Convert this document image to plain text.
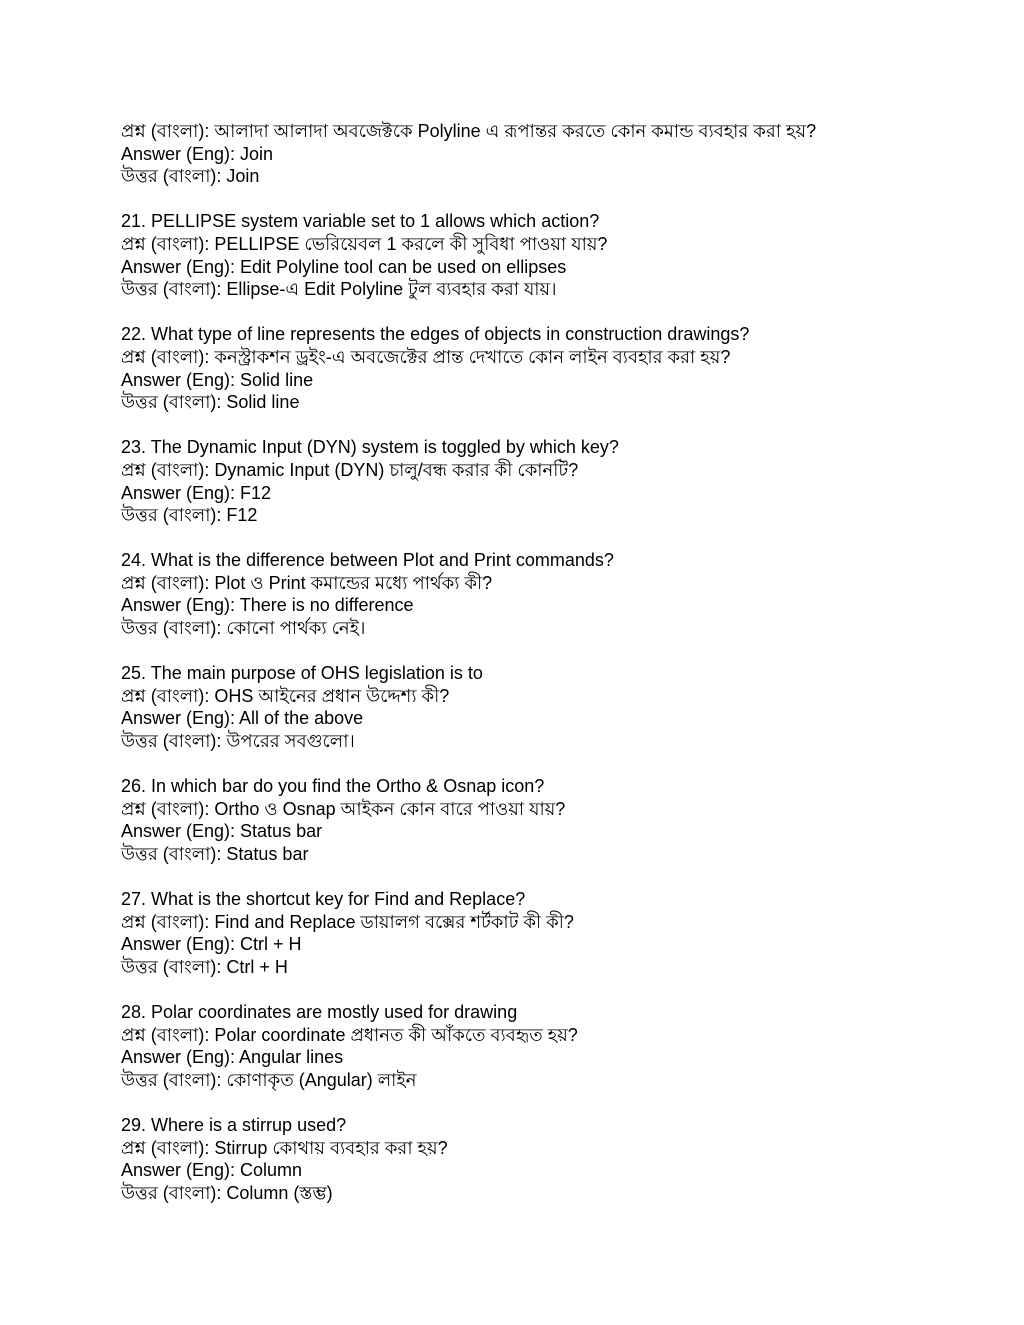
প্রশ্ন (বাংলা): আলাদা আলাদা অবজেক্টকে Polyline এ রূপান্তর করতে কোন কমান্ড ব্যবহার করা হয়?
Answer (Eng): Join
উত্তর (বাংলা): Join
21. PELLIPSE system variable set to 1 allows which action?
প্রশ্ন (বাংলা): PELLIPSE ভেরিয়েবল 1 করলে কী সুবিধা পাওয়া যায়?
Answer (Eng): Edit Polyline tool can be used on ellipses
উত্তর (বাংলা): Ellipse-এ Edit Polyline টুল ব্যবহার করা যায়।
22. What type of line represents the edges of objects in construction drawings?
প্রশ্ন (বাংলা): কনস্ট্রাকশন ড্রইং-এ অবজেক্টের প্রান্ত দেখাতে কোন লাইন ব্যবহার করা হয়?
Answer (Eng): Solid line
উত্তর (বাংলা): Solid line
23. The Dynamic Input (DYN) system is toggled by which key?
প্রশ্ন (বাংলা): Dynamic Input (DYN) চালু/বন্ধ করার কী কোনটি?
Answer (Eng): F12
উত্তর (বাংলা): F12
24. What is the difference between Plot and Print commands?
প্রশ্ন (বাংলা): Plot ও Print কমান্ডের মধ্যে পার্থক্য কী?
Answer (Eng): There is no difference
উত্তর (বাংলা): কোনো পার্থক্য নেই।
25. The main purpose of OHS legislation is to
প্রশ্ন (বাংলা): OHS আইনের প্রধান উদ্দেশ্য কী?
Answer (Eng): All of the above
উত্তর (বাংলা): উপরের সবগুলো।
26. In which bar do you find the Ortho & Osnap icon?
প্রশ্ন (বাংলা): Ortho ও Osnap আইকন কোন বারে পাওয়া যায়?
Answer (Eng): Status bar
উত্তর (বাংলা): Status bar
27. What is the shortcut key for Find and Replace?
প্রশ্ন (বাংলা): Find and Replace ডায়ালগ বক্সের শর্টকাট কী কী?
Answer (Eng): Ctrl + H
উত্তর (বাংলা): Ctrl + H
28. Polar coordinates are mostly used for drawing
প্রশ্ন (বাংলা): Polar coordinate প্রধানত কী আঁকতে ব্যবহৃত হয়?
Answer (Eng): Angular lines
উত্তর (বাংলা): কোণাকৃত (Angular) লাইন
29. Where is a stirrup used?
প্রশ্ন (বাংলা): Stirrup কোথায় ব্যবহার করা হয়?
Answer (Eng): Column
উত্তর (বাংলা): Column (স্তম্ভ)
